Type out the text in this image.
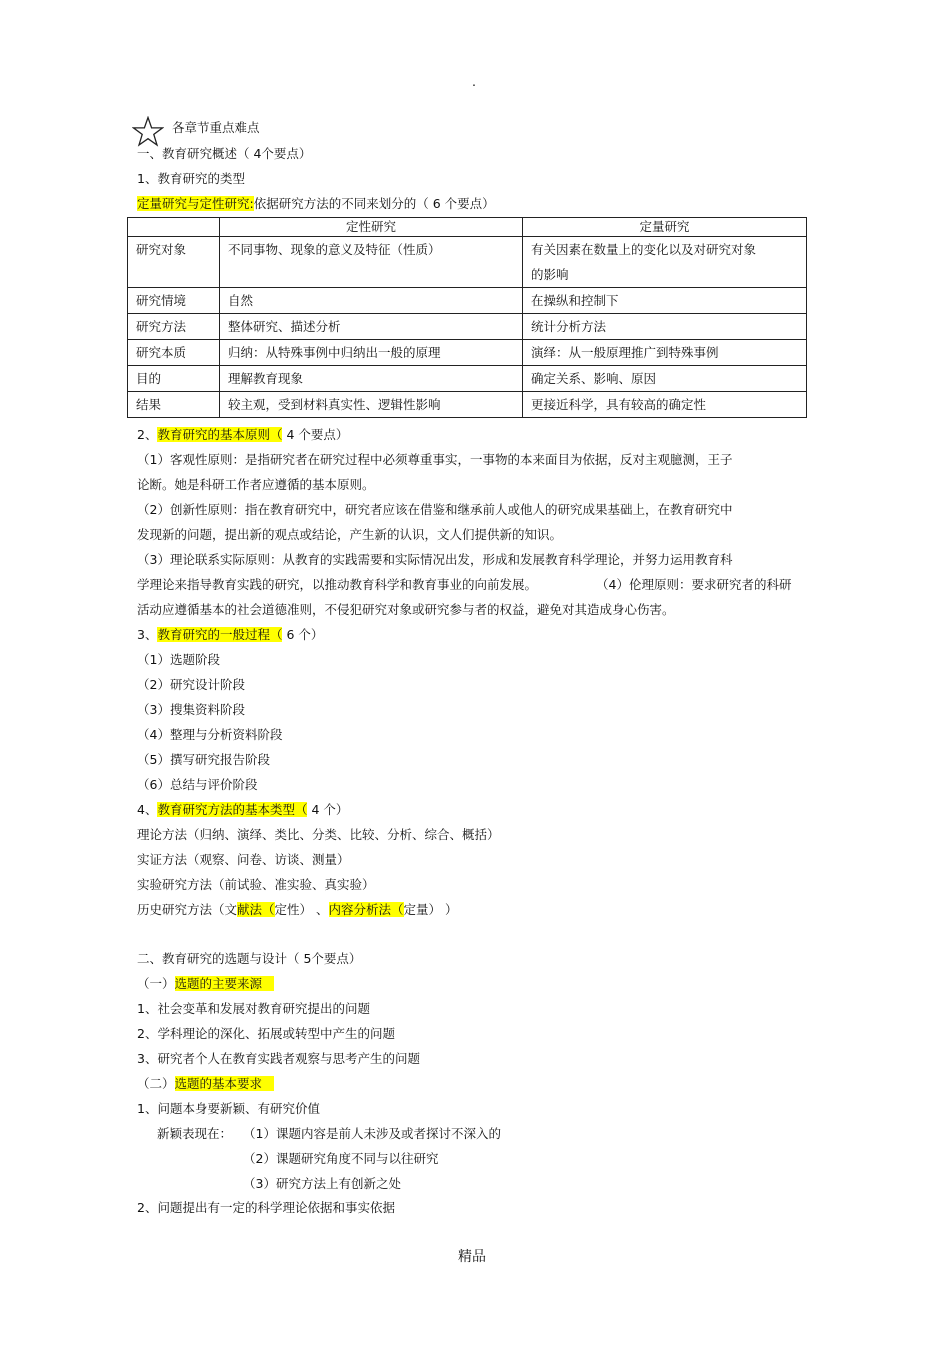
.
各章节重点难点
一、教育研究概述（ 4个要点）
1、教育研究的类型
定量研究与定性研究:依据研究方法的不同来划分的（ 6 个要点）
	定性研究	定量研究
研究对象	不同事物、现象的意义及特征（性质）	有关因素在数量上的变化以及对研究对象
的影响

研究情境	自然	在操纵和控制下
研究方法	整体研究、描述分析	统计分析方法
研究本质	归纳：从特殊事例中归纳出一般的原理	演绎：从一般原理推广到特殊事例
目的	理解教育现象	确定关系、影响、原因
结果	较主观，受到材料真实性、逻辑性影响	更接近科学，具有较高的确定性
2、教育研究的基本原则（ 4 个要点）
（1）客观性原则：是指研究者在研究过程中必须尊重事实，一事物的本来面目为依据，反对主观臆测，王子
论断。她是科研工作者应遵循的基本原则。
（2）创新性原则：指在教育研究中，研究者应该在借鉴和继承前人或他人的研究成果基础上，在教育研究中
发现新的问题，提出新的观点或结论，产生新的认识，文人们提供新的知识。
（3）理论联系实际原则：从教育的实践需要和实际情况出发，形成和发展教育科学理论，并努力运用教育科
学理论来指导教育实践的研究，以推动教育科学和教育事业的向前发展。	（4）伦理原则：要求研究者的科研
活动应遵循基本的社会道德准则，不侵犯研究对象或研究参与者的权益，避免对其造成身心伤害。
3、教育研究的一般过程（ 6 个）
（1）选题阶段
（2）研究设计阶段
（3）搜集资料阶段
（4）整理与分析资料阶段
（5）撰写研究报告阶段
（6）总结与评价阶段
4、教育研究方法的基本类型（ 4 个）
理论方法（归纳、演绎、类比、分类、比较、分析、综合、概括）
实证方法（观察、问卷、访谈、测量）
实验研究方法（前试验、准实验、真实验）
历史研究方法（文献法（定性） 、内容分析法（定量） ）
二、教育研究的选题与设计（ 5个要点）
（一）选题的主要来源
1、社会变革和发展对教育研究提出的问题
2、学科理论的深化、拓展或转型中产生的问题
3、研究者个人在教育实践者观察与思考产生的问题
（二）选题的基本要求
1、问题本身要新颖、有研究价值
新颖表现在： （1）课题内容是前人未涉及或者探讨不深入的
（2）课题研究角度不同与以往研究
（3）研究方法上有创新之处
2、问题提出有一定的科学理论依据和事实依据
精品
